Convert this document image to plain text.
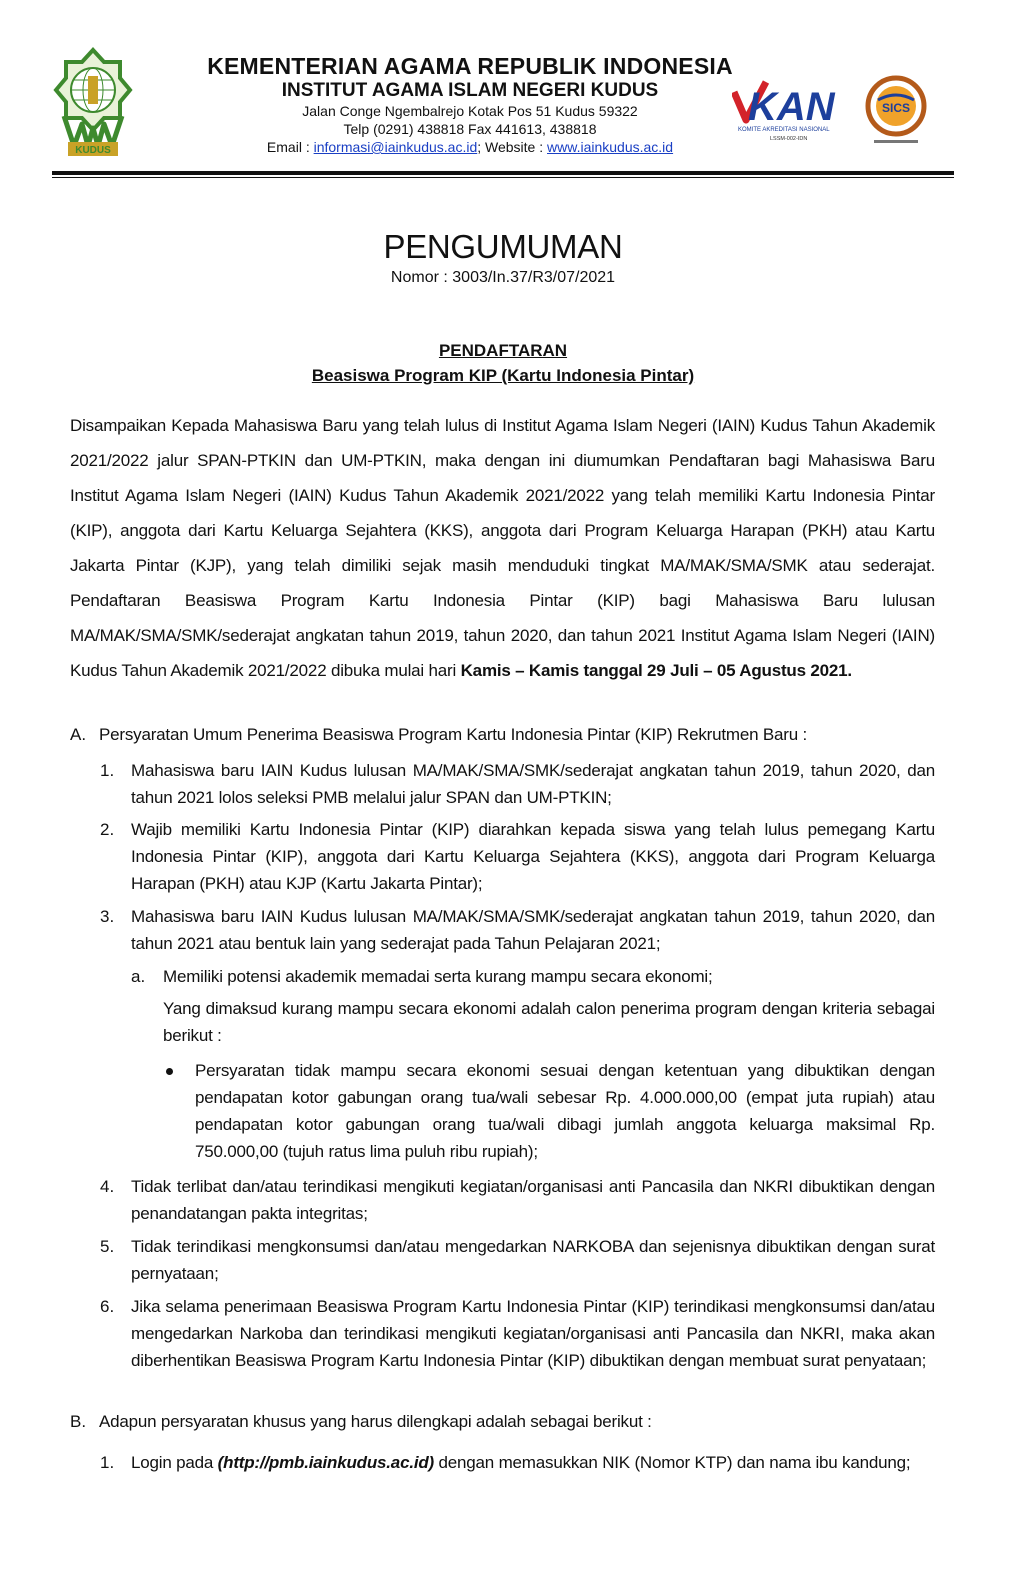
KUDUS
KEMENTERIAN AGAMA REPUBLIK INDONESIA
INSTITUT AGAMA ISLAM NEGERI KUDUS
Jalan Conge Ngembalrejo Kotak Pos 51 Kudus 59322
Telp (0291) 438818 Fax 441613, 438818
Email : informasi@iainkudus.ac.id; Website : www.iainkudus.ac.id
KAN
KOMITE AKREDITASI NASIONAL
LSSM-002-IDN
SICS
PENGUMUMAN
Nomor : 3003/In.37/R3/07/2021
PENDAFTARAN
Beasiswa Program KIP (Kartu Indonesia Pintar)
Disampaikan Kepada Mahasiswa Baru yang telah lulus di Institut Agama Islam Negeri (IAIN) Kudus Tahun Akademik 2021/2022 jalur SPAN-PTKIN dan UM-PTKIN, maka dengan ini diumumkan Pendaftaran bagi Mahasiswa Baru Institut Agama Islam Negeri (IAIN) Kudus Tahun Akademik 2021/2022 yang telah memiliki Kartu Indonesia Pintar (KIP), anggota dari Kartu Keluarga Sejahtera (KKS), anggota dari Program Keluarga Harapan (PKH) atau Kartu Jakarta Pintar (KJP), yang telah dimiliki sejak masih menduduki tingkat MA/MAK/SMA/SMK atau sederajat. Pendaftaran Beasiswa Program Kartu Indonesia Pintar (KIP) bagi Mahasiswa Baru lulusan MA/MAK/SMA/SMK/sederajat angkatan tahun 2019, tahun 2020, dan tahun 2021 Institut Agama Islam Negeri (IAIN) Kudus Tahun Akademik 2021/2022 dibuka mulai hari Kamis – Kamis tanggal 29 Juli – 05 Agustus 2021.
A. Persyaratan Umum Penerima Beasiswa Program Kartu Indonesia Pintar (KIP) Rekrutmen Baru :
1. Mahasiswa baru IAIN Kudus lulusan MA/MAK/SMA/SMK/sederajat angkatan tahun 2019, tahun 2020, dan tahun 2021 lolos seleksi PMB melalui jalur SPAN dan UM-PTKIN;
2. Wajib memiliki Kartu Indonesia Pintar (KIP) diarahkan kepada siswa yang telah lulus pemegang Kartu Indonesia Pintar (KIP), anggota dari Kartu Keluarga Sejahtera (KKS), anggota dari Program Keluarga Harapan (PKH) atau KJP (Kartu Jakarta Pintar);
3. Mahasiswa baru IAIN Kudus lulusan MA/MAK/SMA/SMK/sederajat angkatan tahun 2019, tahun 2020, dan tahun 2021 atau bentuk lain yang sederajat pada Tahun Pelajaran 2021;
a. Memiliki potensi akademik memadai serta kurang mampu secara ekonomi;
Yang dimaksud kurang mampu secara ekonomi adalah calon penerima program dengan kriteria sebagai berikut :
Persyaratan tidak mampu secara ekonomi sesuai dengan ketentuan yang dibuktikan dengan pendapatan kotor gabungan orang tua/wali sebesar Rp. 4.000.000,00 (empat juta rupiah) atau pendapatan kotor gabungan orang tua/wali dibagi jumlah anggota keluarga maksimal Rp. 750.000,00 (tujuh ratus lima puluh ribu rupiah);
4. Tidak terlibat dan/atau terindikasi mengikuti kegiatan/organisasi anti Pancasila dan NKRI dibuktikan dengan penandatangan pakta integritas;
5. Tidak terindikasi mengkonsumsi dan/atau mengedarkan NARKOBA dan sejenisnya dibuktikan dengan surat pernyataan;
6. Jika selama penerimaan Beasiswa Program Kartu Indonesia Pintar (KIP) terindikasi mengkonsumsi dan/atau mengedarkan Narkoba dan terindikasi mengikuti kegiatan/organisasi anti Pancasila dan NKRI, maka akan diberhentikan Beasiswa Program Kartu Indonesia Pintar (KIP) dibuktikan dengan membuat surat penyataan;
B. Adapun persyaratan khusus yang harus dilengkapi adalah sebagai berikut :
1. Login pada (http://pmb.iainkudus.ac.id) dengan memasukkan NIK (Nomor KTP) dan nama ibu kandung;
